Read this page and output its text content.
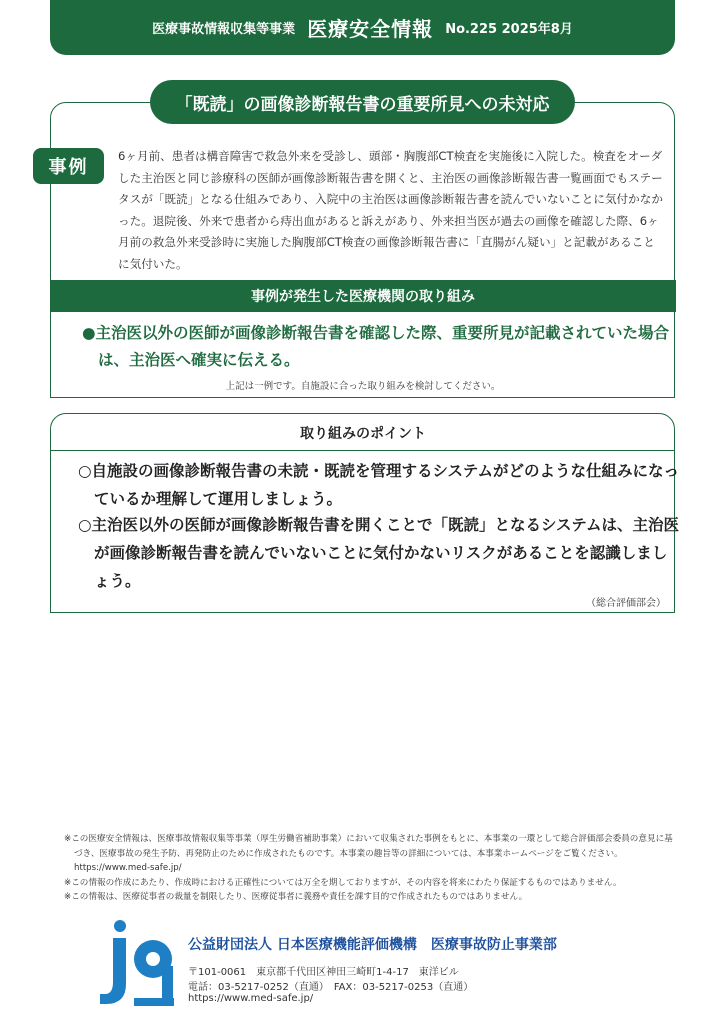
医療事故情報収集等事業 医療安全情報 No.225 2025年8月
「既読」の画像診断報告書の重要所見への未対応
事例
6ヶ月前、患者は構音障害で救急外来を受診し、頭部・胸腹部CT検査を実施後に入院した。検査をオーダした主治医と同じ診療科の医師が画像診断報告書を開くと、主治医の画像診断報告書一覧画面でもステータスが「既読」となる仕組みであり、入院中の主治医は画像診断報告書を読んでいないことに気付かなかった。退院後、外来で患者から痔出血があると訴えがあり、外来担当医が過去の画像を確認した際、6ヶ月前の救急外来受診時に実施した胸腹部CT検査の画像診断報告書に「直腸がん疑い」と記載があることに気付いた。
事例が発生した医療機関の取り組み
●主治医以外の医師が画像診断報告書を確認した際、重要所見が記載されていた場合は、主治医へ確実に伝える。
上記は一例です。自施設に合った取り組みを検討してください。
取り組みのポイント
○自施設の画像診断報告書の未読・既読を管理するシステムがどのような仕組みになっているか理解して運用しましょう。
○主治医以外の医師が画像診断報告書を開くことで「既読」となるシステムは、主治医が画像診断報告書を読んでいないことに気付かないリスクがあることを認識しましょう。
（総合評価部会）
※この医療安全情報は、医療事故情報収集等事業（厚生労働省補助事業）において収集された事例をもとに、本事業の一環として総合評価部会委員の意見に基づき、医療事故の発生予防、再発防止のために作成されたものです。本事業の趣旨等の詳細については、本事業ホームページをご覧ください。 https://www.med-safe.jp/
※この情報の作成にあたり、作成時における正確性については万全を期しておりますが、その内容を将来にわたり保証するものではありません。
※この情報は、医療従事者の裁量を制限したり、医療従事者に義務や責任を課す目的で作成されたものではありません。
公益財団法人 日本医療機能評価機構　医療事故防止事業部
〒101-0061　東京都千代田区神田三崎町1-4-17　東洋ビル
電話：03-5217-0252（直通）　FAX：03-5217-0253（直通）
https://www.med-safe.jp/
